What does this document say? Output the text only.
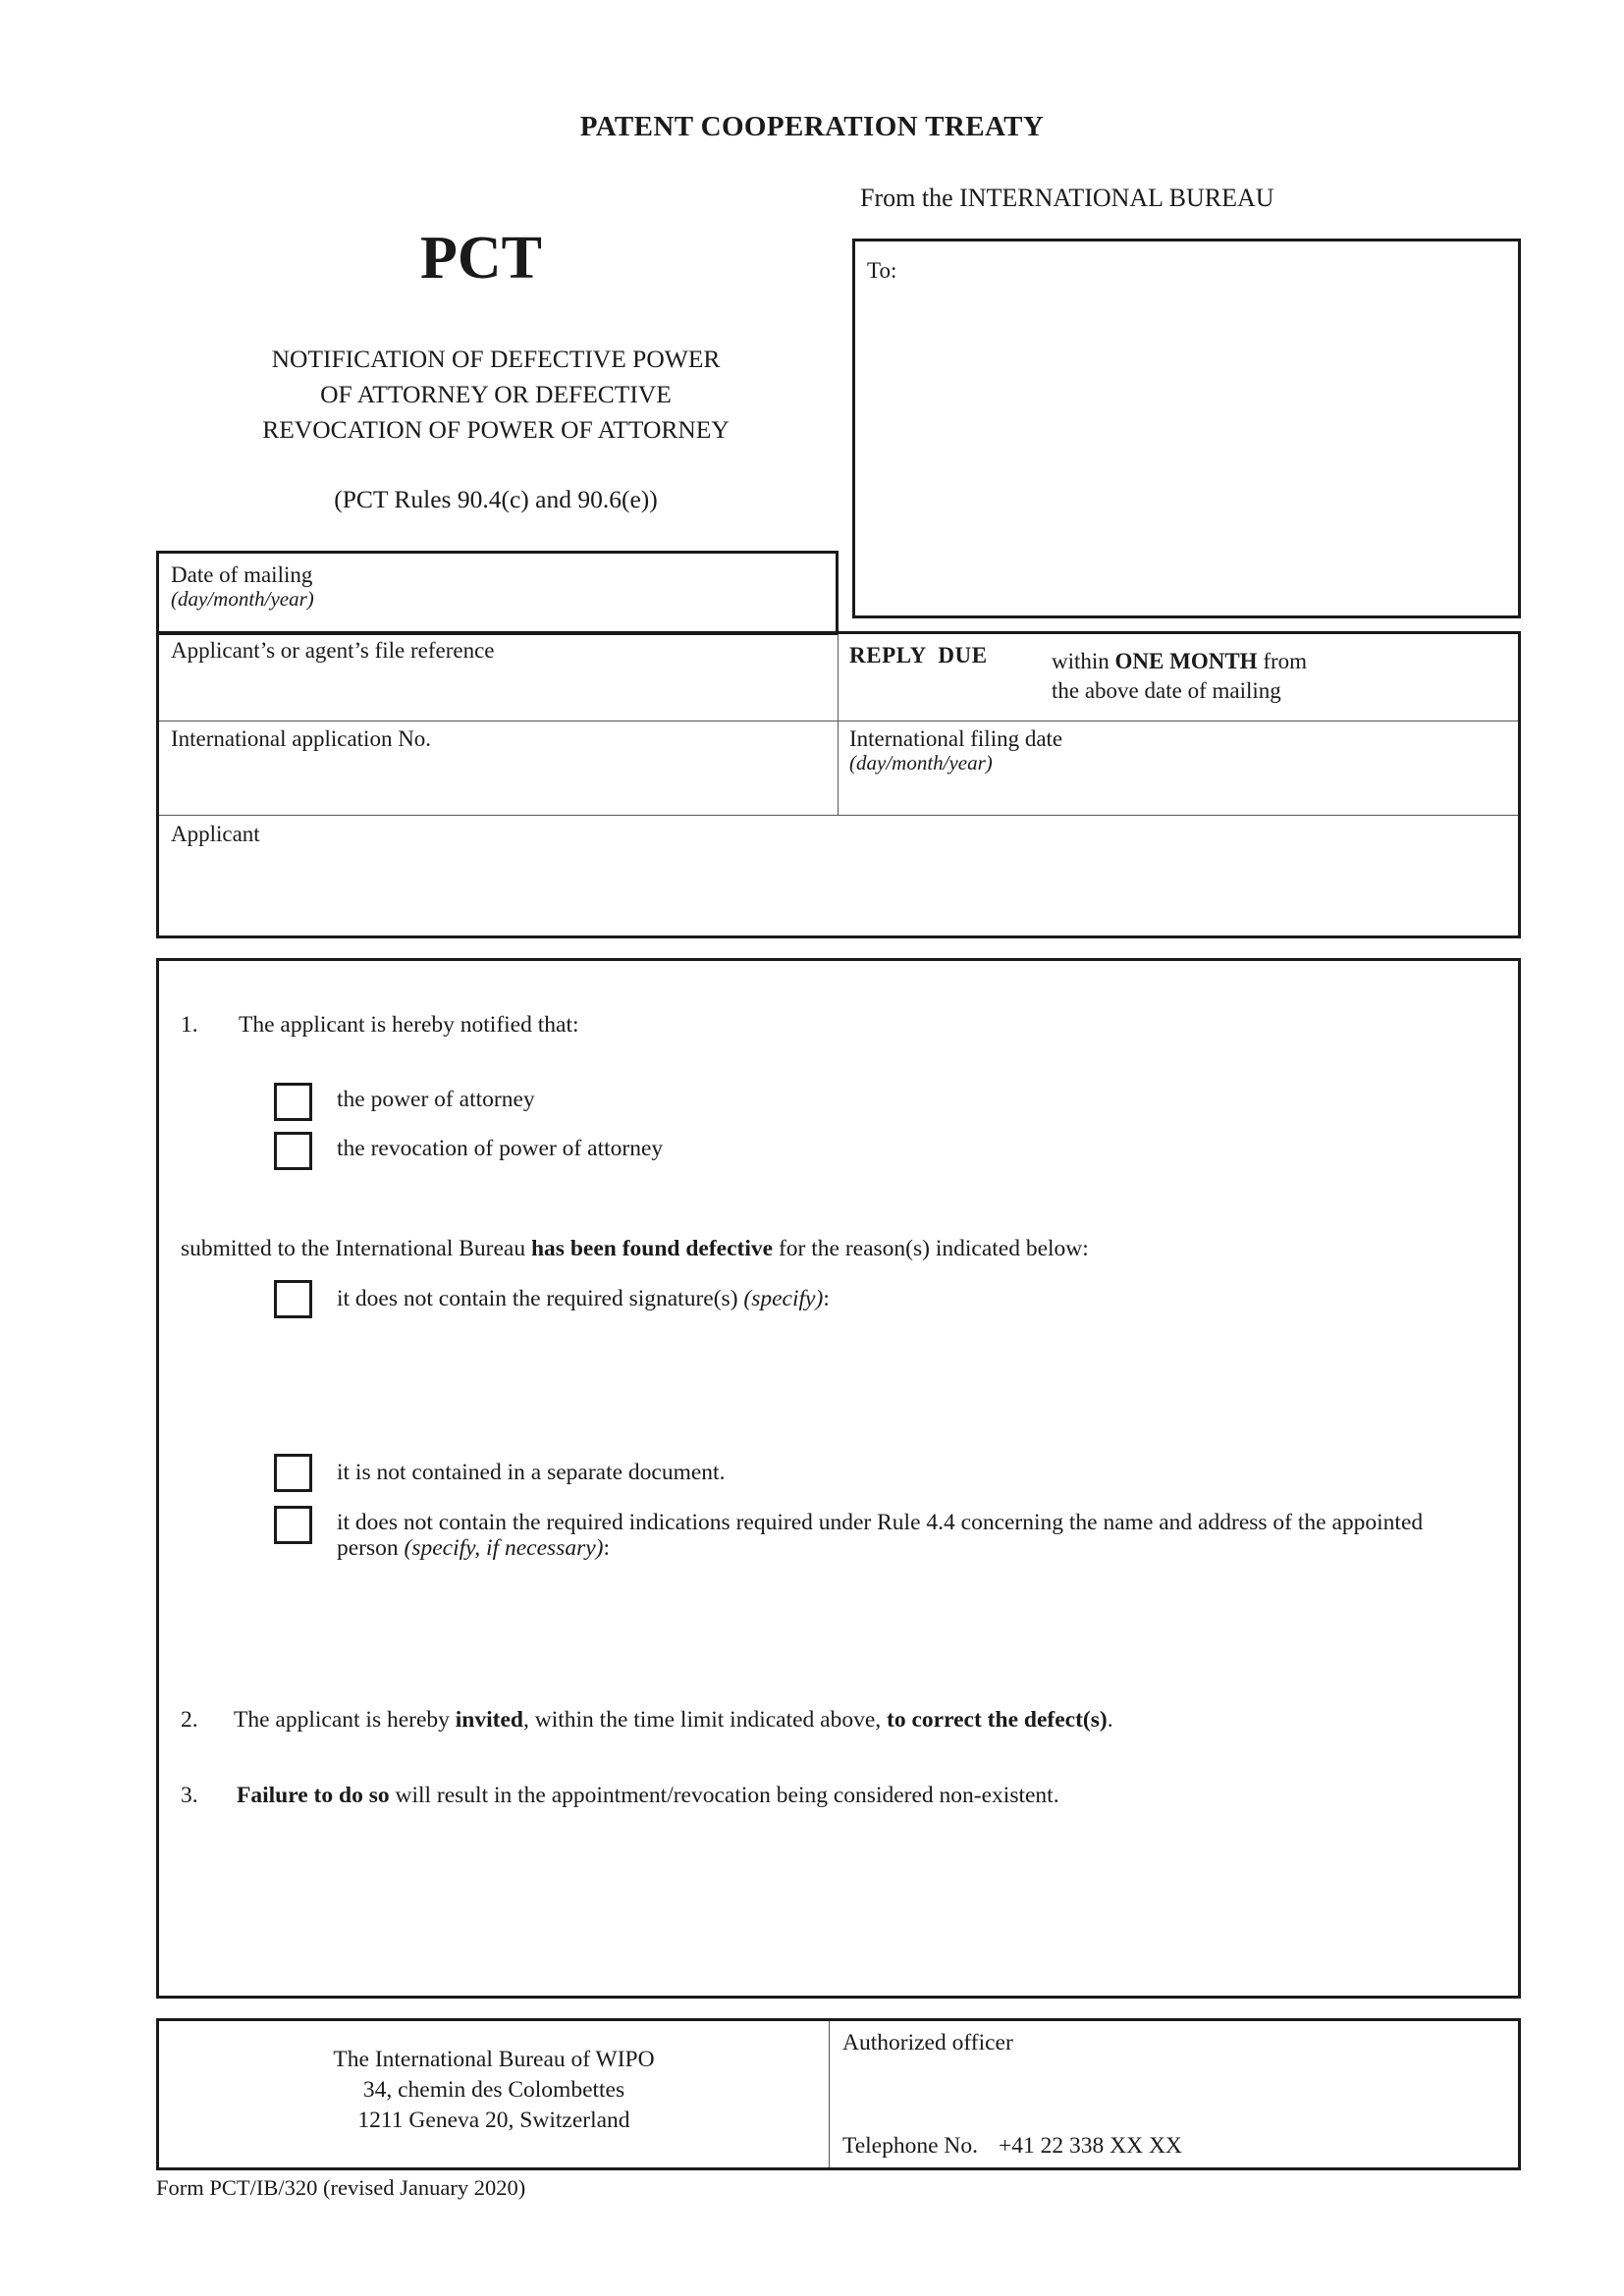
PATENT COOPERATION TREATY
PCT
NOTIFICATION OF DEFECTIVE POWER
OF ATTORNEY OR DEFECTIVE
REVOCATION OF POWER OF ATTORNEY
(PCT Rules 90.4(c) and 90.6(e))
From the INTERNATIONAL BUREAU
To:
Date of mailing
(day/month/year)
Applicant’s or agent’s file reference	REPLY DUE	within ONE MONTH from
the above date of mailing
International application No.	International filing date
(day/month/year)
Applicant
1. The applicant is hereby notified that:
the power of attorney
the revocation of power of attorney
submitted to the International Bureau has been found defective for the reason(s) indicated below:
it does not contain the required signature(s) (specify):
it is not contained in a separate document.
it does not contain the required indications required under Rule 4.4 concerning the name and address of the appointed
person (specify, if necessary):
2. The applicant is hereby invited, within the time limit indicated above, to correct the defect(s).
3. Failure to do so will result in the appointment/revocation being considered non-existent.
The International Bureau of WIPO
34, chemin des Colombettes
1211 Geneva 20, Switzerland
Authorized officer
Telephone No. +41 22 338 XX XX
Form PCT/IB/320 (revised January 2020)
